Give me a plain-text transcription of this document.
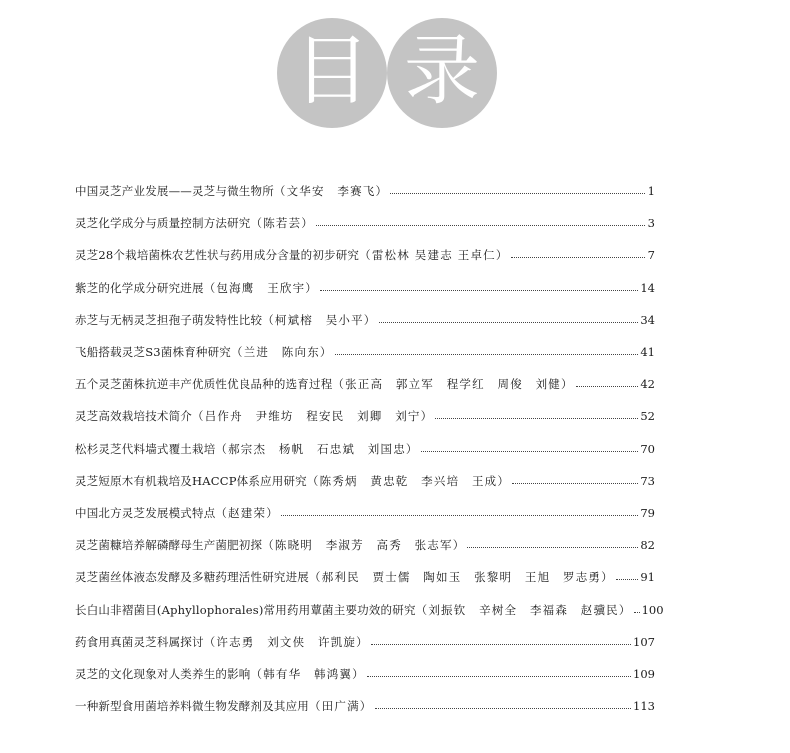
目 录
中国灵芝产业发展——灵芝与微生物所 （文华安　李赛飞）	1
灵芝化学成分与质量控制方法研究 （陈若芸）	3
灵芝28个栽培菌株农艺性状与药用成分含量的初步研究 （雷松林 吴建志 王卓仁）	7
紫芝的化学成分研究进展 （包海鹰　王欣宇）	14
赤芝与无柄灵芝担孢子萌发特性比较 （柯斌榕　吴小平）	34
飞船搭载灵芝S3菌株育种研究 （兰进　陈向东）	41
五个灵芝菌株抗逆丰产优质性优良品种的选育过程 （张正高　郭立军　程学红　周俊　刘健）	42
灵芝高效栽培技术简介 （吕作舟　尹维坊　程安民　刘卿　刘宁）	52
松杉灵芝代料墙式覆土栽培 （郝宗杰　杨帆　石忠斌　刘国忠）	70
灵芝短原木有机栽培及HACCP体系应用研究 （陈秀炳　黄忠乾　李兴培　王成）	73
中国北方灵芝发展模式特点 （赵建荣）	79
灵芝菌糠培养解磷酵母生产菌肥初探 （陈晓明　李淑芳　高秀　张志军）	82
灵芝菌丝体液态发酵及多糖药理活性研究进展 （郝利民　贾士儒　陶如玉　张黎明　王旭　罗志勇） 91
长白山非褶菌目(Aphyllophorales)常用药用蕈菌主要功效的研究 （刘振钦　辛树全　李福森　赵骥民） 100
药食用真菌灵芝科属探讨 （许志勇　刘文侠　许凯旋）	107
灵芝的文化现象对人类养生的影响 （韩有华　韩鸿翼）	109
一种新型食用菌培养料微生物发酵剂及其应用 （田广满）	113
